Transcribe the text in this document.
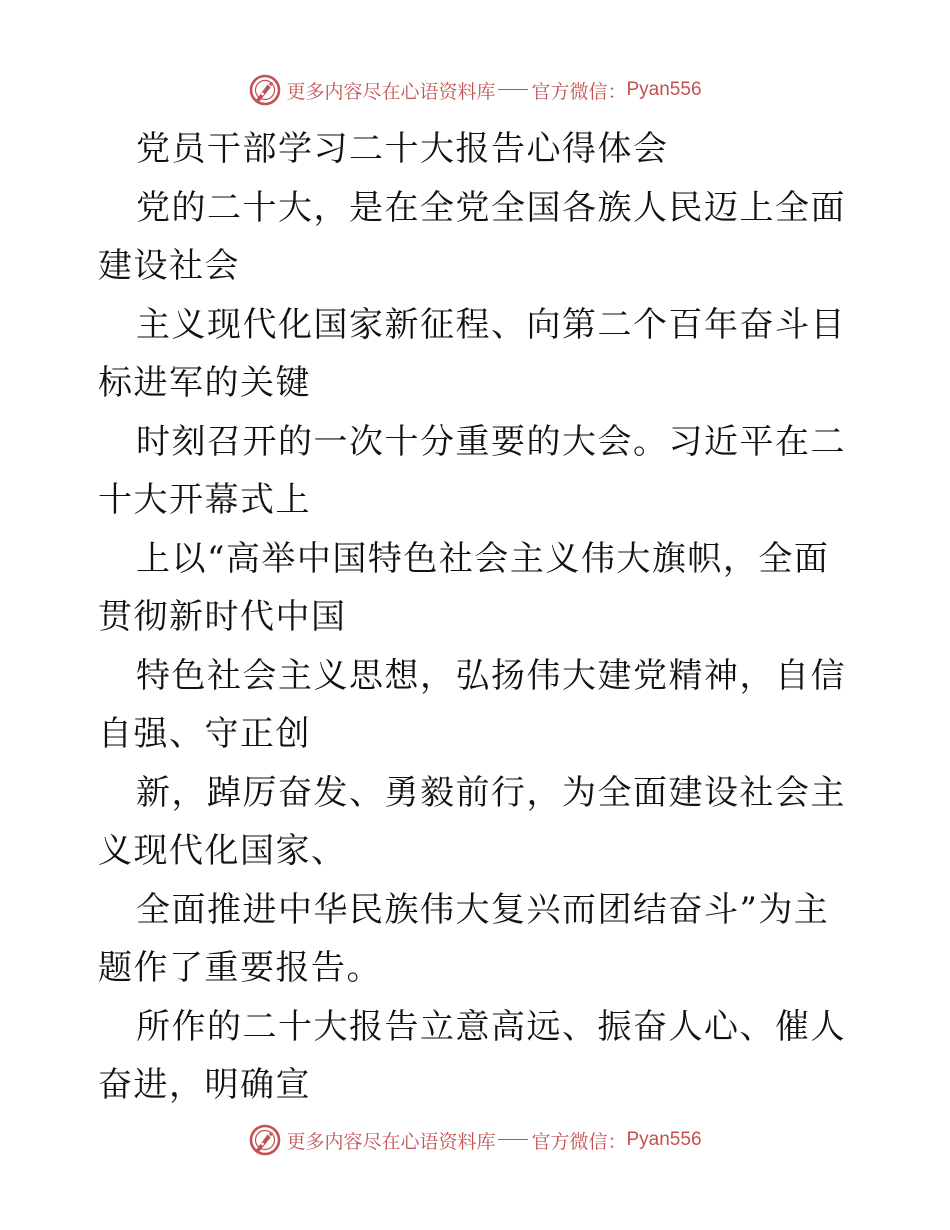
更多内容尽在心语资料库 官方微信： Pyan556

党员干部学习二十大报告心得体会

党的二十大，是在全党全国各族人民迈上全面建设社会

主义现代化国家新征程、向第二个百年奋斗目标进军的关键

时刻召开的一次十分重要的大会。习近平在二十大开幕式上

上以“高举中国特色社会主义伟大旗帜，全面贯彻新时代中国

特色社会主义思想，弘扬伟大建党精神，自信自强、守正创

新，踔厉奋发、勇毅前行，为全面建设社会主义现代化国家、

全面推进中华民族伟大复兴而团结奋斗”为主题作了重要报告。

所作的二十大报告立意高远、振奋人心、催人奋进，明确宣

更多内容尽在心语资料库 官方微信： Pyan556
